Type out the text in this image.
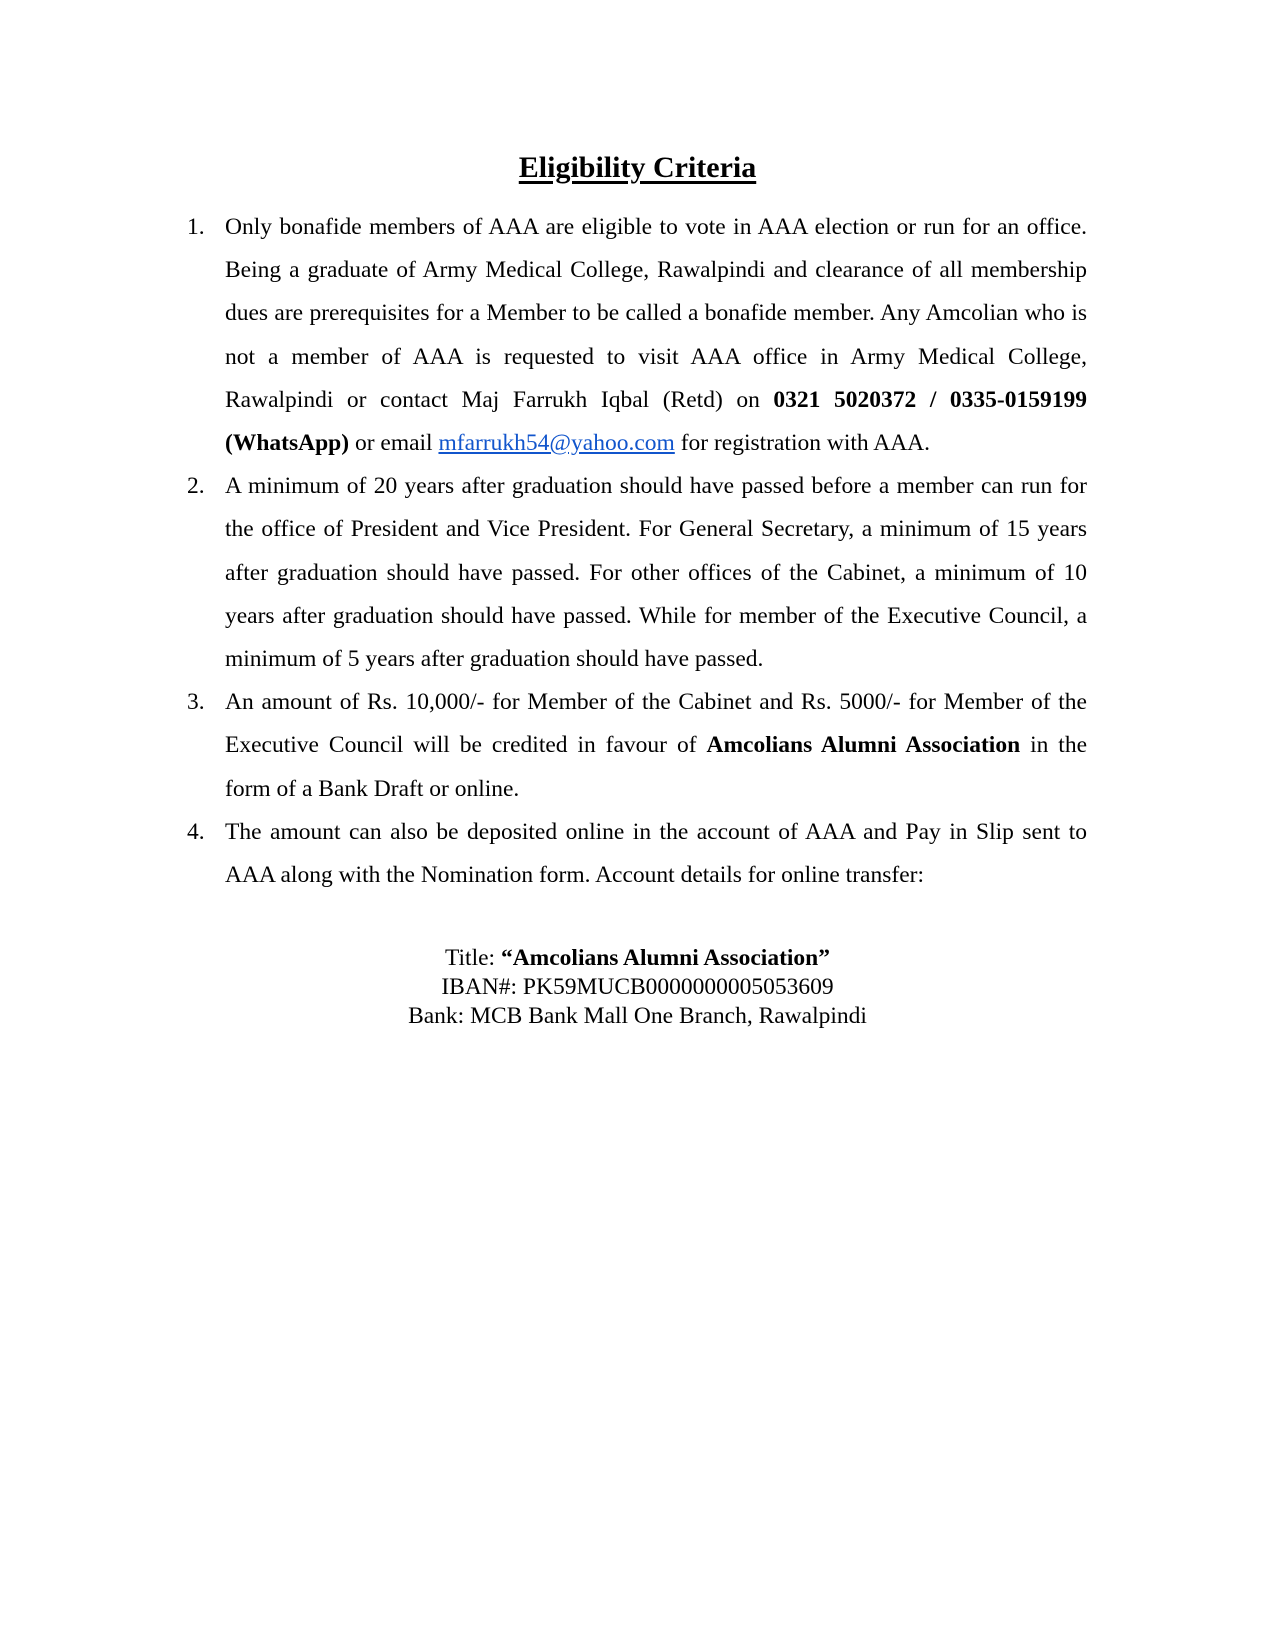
Eligibility Criteria
1. Only bonafide members of AAA are eligible to vote in AAA election or run for an office. Being a graduate of Army Medical College, Rawalpindi and clearance of all membership dues are prerequisites for a Member to be called a bonafide member. Any Amcolian who is not a member of AAA is requested to visit AAA office in Army Medical College, Rawalpindi or contact Maj Farrukh Iqbal (Retd) on 0321 5020372 / 0335-0159199 (WhatsApp) or email mfarrukh54@yahoo.com for registration with AAA.
2. A minimum of 20 years after graduation should have passed before a member can run for the office of President and Vice President. For General Secretary, a minimum of 15 years after graduation should have passed. For other offices of the Cabinet, a minimum of 10 years after graduation should have passed. While for member of the Executive Council, a minimum of 5 years after graduation should have passed.
3. An amount of Rs. 10,000/- for Member of the Cabinet and Rs. 5000/- for Member of the Executive Council will be credited in favour of Amcolians Alumni Association in the form of a Bank Draft or online.
4. The amount can also be deposited online in the account of AAA and Pay in Slip sent to AAA along with the Nomination form. Account details for online transfer:
Title: “Amcolians Alumni Association”
IBAN#: PK59MUCB0000000005053609
Bank: MCB Bank Mall One Branch, Rawalpindi
